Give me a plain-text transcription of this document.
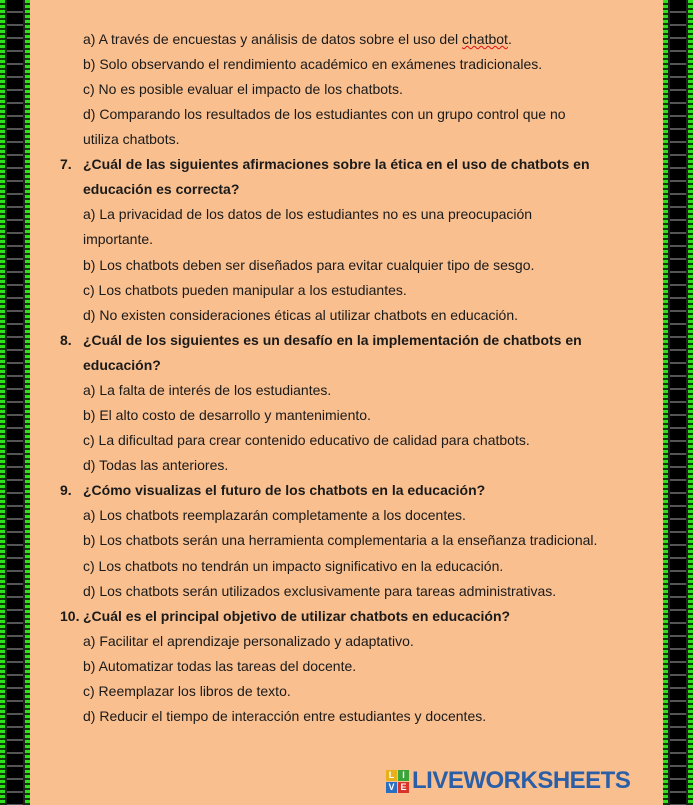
a) A través de encuestas y análisis de datos sobre el uso del chatbot.
b) Solo observando el rendimiento académico en exámenes tradicionales.
c) No es posible evaluar el impacto de los chatbots.
d) Comparando los resultados de los estudiantes con un grupo control que no
utiliza chatbots.
7. ¿Cuál de las siguientes afirmaciones sobre la ética en el uso de chatbots en
educación es correcta?
a) La privacidad de los datos de los estudiantes no es una preocupación
importante.
b) Los chatbots deben ser diseñados para evitar cualquier tipo de sesgo.
c) Los chatbots pueden manipular a los estudiantes.
d) No existen consideraciones éticas al utilizar chatbots en educación.
8. ¿Cuál de los siguientes es un desafío en la implementación de chatbots en
educación?
a) La falta de interés de los estudiantes.
b) El alto costo de desarrollo y mantenimiento.
c) La dificultad para crear contenido educativo de calidad para chatbots.
d) Todas las anteriores.
9. ¿Cómo visualizas el futuro de los chatbots en la educación?
a) Los chatbots reemplazarán completamente a los docentes.
b) Los chatbots serán una herramienta complementaria a la enseñanza tradicional.
c) Los chatbots no tendrán un impacto significativo en la educación.
d) Los chatbots serán utilizados exclusivamente para tareas administrativas.
10. ¿Cuál es el principal objetivo de utilizar chatbots en educación?
a) Facilitar el aprendizaje personalizado y adaptativo.
b) Automatizar todas las tareas del docente.
c) Reemplazar los libros de texto.
d) Reducir el tiempo de interacción entre estudiantes y docentes.
L I
V E LIVEWORKSHEETS
